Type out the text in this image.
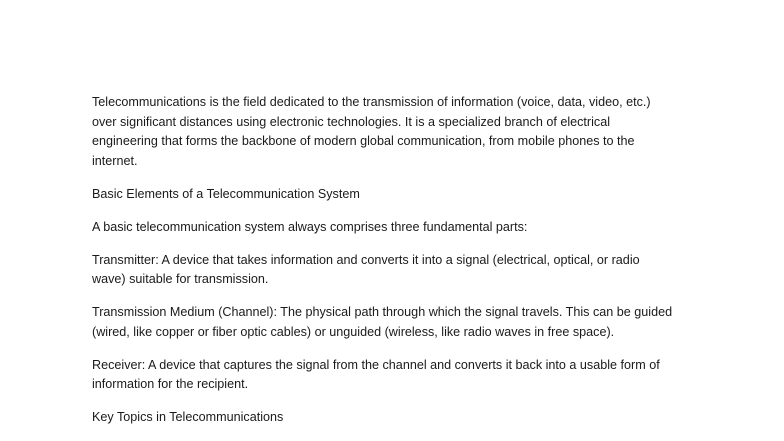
Telecommunications is the field dedicated to the transmission of information (voice, data, video, etc.)
over significant distances using electronic technologies. It is a specialized branch of electrical
engineering that forms the backbone of modern global communication, from mobile phones to the
internet.

Basic Elements of a Telecommunication System

A basic telecommunication system always comprises three fundamental parts:

Transmitter: A device that takes information and converts it into a signal (electrical, optical, or radio
wave) suitable for transmission.

Transmission Medium (Channel): The physical path through which the signal travels. This can be guided
(wired, like copper or fiber optic cables) or unguided (wireless, like radio waves in free space).

Receiver: A device that captures the signal from the channel and converts it back into a usable form of
information for the recipient.

Key Topics in Telecommunications
